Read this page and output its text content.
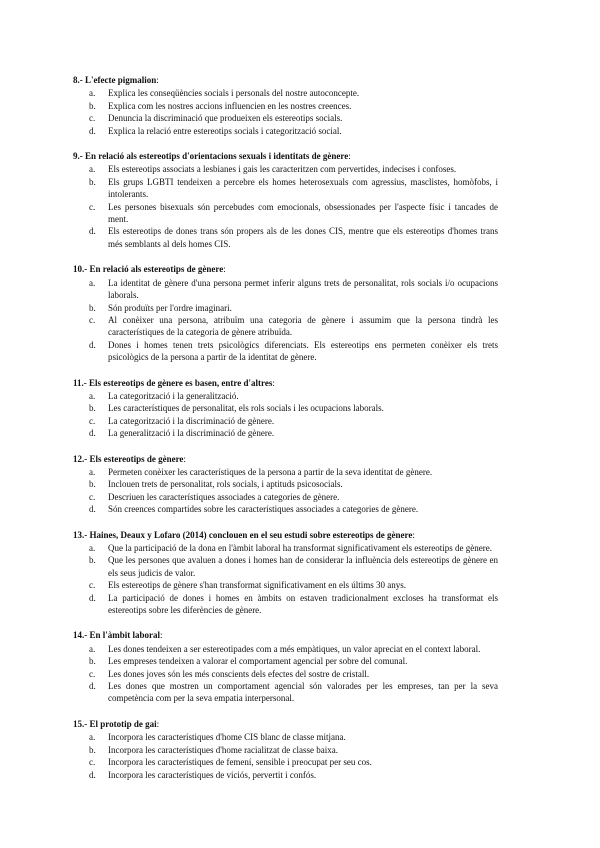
8.- L'efecte pigmalion:
a. Explica les conseqüències socials i personals del nostre autoconcepte.
b. Explica com les nostres accions influencien en les nostres creences.
c. Denuncia la discriminació que produeixen els estereotips socials.
d. Explica la relació entre estereotips socials i categorització social.
9.- En relació als estereotips d'orientacions sexuals i identitats de gènere:
a. Els estereotips associats a lesbianes i gais les caracteritzen com pervertides, indecises i confoses.
b. Els grups LGBTI tendeixen a percebre els homes heterosexuals com agressius, masclistes, homòfobs, i intolerants.
c. Les persones bisexuals són percebudes com emocionals, obsessionades per l'aspecte físic i tancades de ment.
d. Els estereotips de dones trans són propers als de les dones CIS, mentre que els estereotips d'homes trans més semblants al dels homes CIS.
10.- En relació als estereotips de gènere:
a. La identitat de gènere d'una persona permet inferir alguns trets de personalitat, rols socials i/o ocupacions laborals.
b. Són produïts per l'ordre imaginari.
c. Al conèixer una persona, atribuïm una categoria de gènere i assumim que la persona tindrà les característiques de la categoria de gènere atribuïda.
d. Dones i homes tenen trets psicològics diferenciats. Els estereotips ens permeten conèixer els trets psicològics de la persona a partir de la identitat de gènere.
11.- Els estereotips de gènere es basen, entre d'altres:
a. La categorització i la generalització.
b. Les característiques de personalitat, els rols socials i les ocupacions laborals.
c. La categorització i la discriminació de gènere.
d. La generalització i la discriminació de gènere.
12.- Els estereotips de gènere:
a. Permeten conèixer les característiques de la persona a partir de la seva identitat de gènere.
b. Inclouen trets de personalitat, rols socials, i aptituds psicosocials.
c. Descriuen les característiques associades a categories de gènere.
d. Són creences compartides sobre les característiques associades a categories de gènere.
13.- Haines, Deaux y Lofaro (2014) conclouen en el seu estudi sobre estereotips de gènere:
a. Que la participació de la dona en l'àmbit laboral ha transformat significativament els estereotips de gènere.
b. Que les persones que avaluen a dones i homes han de considerar la influència dels estereotips de gènere en els seus judicis de valor.
c. Els estereotips de gènere s'han transformat significativament en els últims 30 anys.
d. La participació de dones i homes en àmbits on estaven tradicionalment excloses ha transformat els estereotips sobre les diferències de gènere.
14.- En l'àmbit laboral:
a. Les dones tendeixen a ser estereotipades com a més empàtiques, un valor apreciat en el context laboral.
b. Les empreses tendeixen a valorar el comportament agencial per sobre del comunal.
c. Les dones joves són les més conscients dels efectes del sostre de cristall.
d. Les dones que mostren un comportament agencial són valorades per les empreses, tan per la seva competència com per la seva empatia interpersonal.
15.- El prototip de gai:
a. Incorpora les característiques d'home CIS blanc de classe mitjana.
b. Incorpora les característiques d'home racialitzat de classe baixa.
c. Incorpora les característiques de femení, sensible i preocupat per seu cos.
d. Incorpora les característiques de viciós, pervertit i confós.
